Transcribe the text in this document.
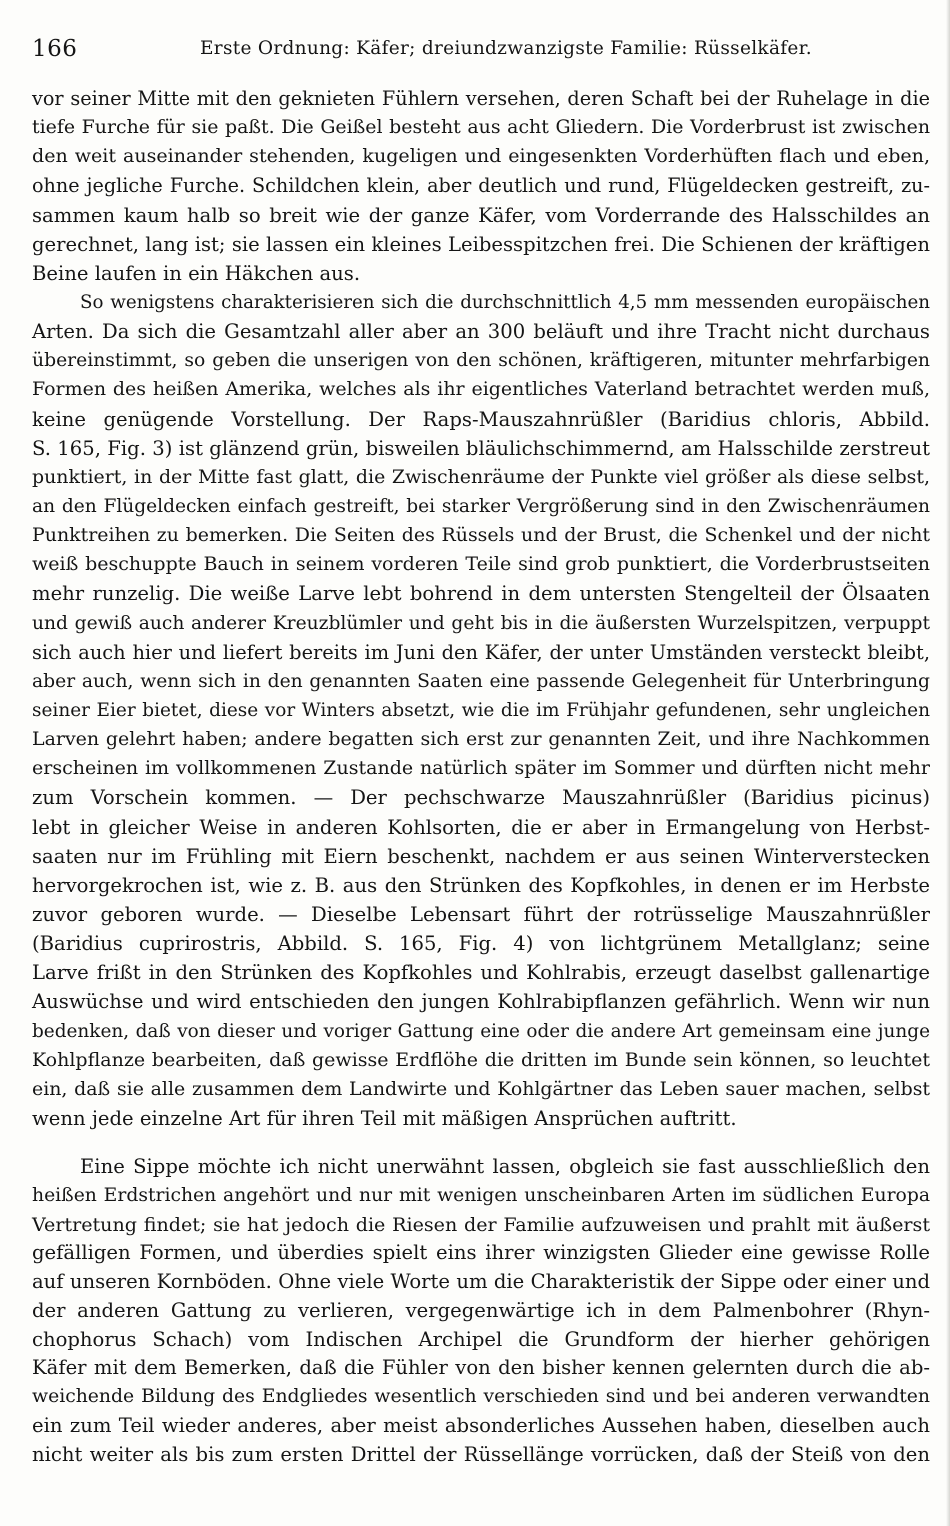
166	Erste Ordnung: Käfer; dreiundzwanzigste Familie: Rüsselkäfer.
vor seiner Mitte mit den geknieten Fühlern versehen, deren Schaft bei der Ruhelage in die
tiefe Furche für sie paßt. Die Geißel besteht aus acht Gliedern. Die Vorderbrust ist zwischen
den weit auseinander stehenden, kugeligen und eingesenkten Vorderhüften flach und eben,
ohne jegliche Furche. Schildchen klein, aber deutlich und rund, Flügeldecken gestreift, zu-
sammen kaum halb so breit wie der ganze Käfer, vom Vorderrande des Halsschildes an
gerechnet, lang ist; sie lassen ein kleines Leibesspitzchen frei. Die Schienen der kräftigen
Beine laufen in ein Häkchen aus.
So wenigstens charakterisieren sich die durchschnittlich 4,5 mm messenden europäischen
Arten. Da sich die Gesamtzahl aller aber an 300 beläuft und ihre Tracht nicht durchaus
übereinstimmt, so geben die unserigen von den schönen, kräftigeren, mitunter mehrfarbigen
Formen des heißen Amerika, welches als ihr eigentliches Vaterland betrachtet werden muß,
keine genügende Vorstellung. Der Raps-Mauszahnrüßler (Baridius chloris, Abbild.
S. 165, Fig. 3) ist glänzend grün, bisweilen bläulichschimmernd, am Halsschilde zerstreut
punktiert, in der Mitte fast glatt, die Zwischenräume der Punkte viel größer als diese selbst,
an den Flügeldecken einfach gestreift, bei starker Vergrößerung sind in den Zwischenräumen
Punktreihen zu bemerken. Die Seiten des Rüssels und der Brust, die Schenkel und der nicht
weiß beschuppte Bauch in seinem vorderen Teile sind grob punktiert, die Vorderbrustseiten
mehr runzelig. Die weiße Larve lebt bohrend in dem untersten Stengelteil der Ölsaaten
und gewiß auch anderer Kreuzblümler und geht bis in die äußersten Wurzelspitzen, verpuppt
sich auch hier und liefert bereits im Juni den Käfer, der unter Umständen versteckt bleibt,
aber auch, wenn sich in den genannten Saaten eine passende Gelegenheit für Unterbringung
seiner Eier bietet, diese vor Winters absetzt, wie die im Frühjahr gefundenen, sehr ungleichen
Larven gelehrt haben; andere begatten sich erst zur genannten Zeit, und ihre Nachkommen
erscheinen im vollkommenen Zustande natürlich später im Sommer und dürften nicht mehr
zum Vorschein kommen. — Der pechschwarze Mauszahnrüßler (Baridius picinus)
lebt in gleicher Weise in anderen Kohlsorten, die er aber in Ermangelung von Herbst-
saaten nur im Frühling mit Eiern beschenkt, nachdem er aus seinen Winterverstecken
hervorgekrochen ist, wie z. B. aus den Strünken des Kopfkohles, in denen er im Herbste
zuvor geboren wurde. — Dieselbe Lebensart führt der rotrüsselige Mauszahnrüßler
(Baridius cuprirostris, Abbild. S. 165, Fig. 4) von lichtgrünem Metallglanz; seine
Larve frißt in den Strünken des Kopfkohles und Kohlrabis, erzeugt daselbst gallenartige
Auswüchse und wird entschieden den jungen Kohlrabipflanzen gefährlich. Wenn wir nun
bedenken, daß von dieser und voriger Gattung eine oder die andere Art gemeinsam eine junge
Kohlpflanze bearbeiten, daß gewisse Erdflöhe die dritten im Bunde sein können, so leuchtet
ein, daß sie alle zusammen dem Landwirte und Kohlgärtner das Leben sauer machen, selbst
wenn jede einzelne Art für ihren Teil mit mäßigen Ansprüchen auftritt.
Eine Sippe möchte ich nicht unerwähnt lassen, obgleich sie fast ausschließlich den
heißen Erdstrichen angehört und nur mit wenigen unscheinbaren Arten im südlichen Europa
Vertretung findet; sie hat jedoch die Riesen der Familie aufzuweisen und prahlt mit äußerst
gefälligen Formen, und überdies spielt eins ihrer winzigsten Glieder eine gewisse Rolle
auf unseren Kornböden. Ohne viele Worte um die Charakteristik der Sippe oder einer und
der anderen Gattung zu verlieren, vergegenwärtige ich in dem Palmenbohrer (Rhyn-
chophorus Schach) vom Indischen Archipel die Grundform der hierher gehörigen
Käfer mit dem Bemerken, daß die Fühler von den bisher kennen gelernten durch die ab-
weichende Bildung des Endgliedes wesentlich verschieden sind und bei anderen verwandten
ein zum Teil wieder anderes, aber meist absonderliches Aussehen haben, dieselben auch
nicht weiter als bis zum ersten Drittel der Rüssellänge vorrücken, daß der Steiß von den
